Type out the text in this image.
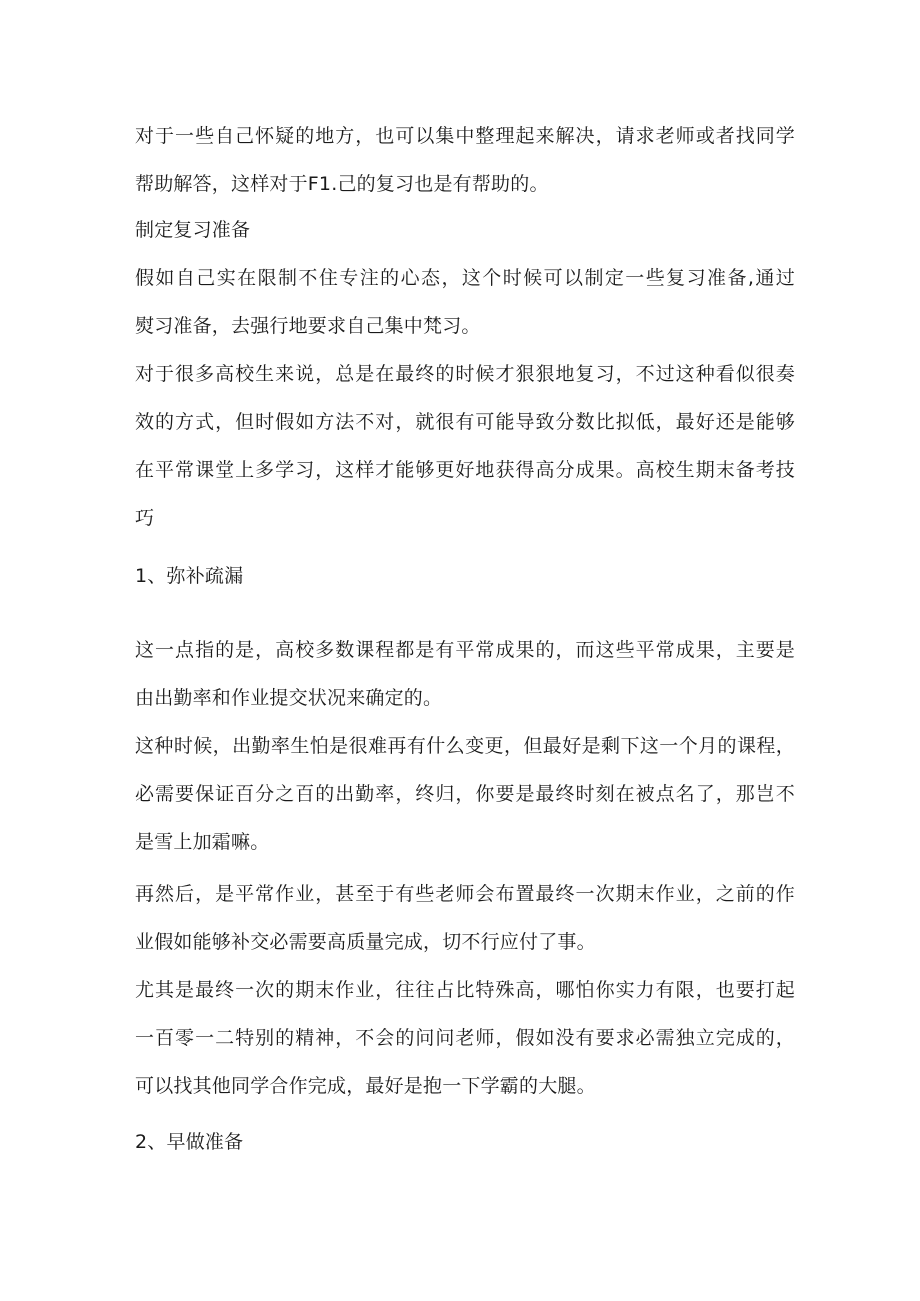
对于一些自己怀疑的地方，也可以集中整理起来解决，请求老师或者找同学
帮助解答，这样对于F1.己的复习也是有帮助的。
制定复习准备
假如自己实在限制不住专注的心态，这个时候可以制定一些复习准备,通过
熨习准备，去强行地要求自己集中梵习。
对于很多高校生来说，总是在最终的时候才狠狠地复习，不过这种看似很奏
效的方式，但时假如方法不对，就很有可能导致分数比拟低，最好还是能够
在平常课堂上多学习，这样才能够更好地获得高分成果。高校生期末备考技
巧
1、弥补疏漏
这一点指的是，高校多数课程都是有平常成果的，而这些平常成果，主要是
由出勤率和作业提交状况来确定的。
这种时候，出勤率生怕是很难再有什么变更，但最好是剩下这一个月的课程，
必需要保证百分之百的出勤率，终归，你要是最终时刻在被点名了，那岂不
是雪上加霜嘛。
再然后，是平常作业，甚至于有些老师会布置最终一次期末作业，之前的作
业假如能够补交必需要高质量完成，切不行应付了事。
尤其是最终一次的期末作业，往往占比特殊高，哪怕你实力有限，也要打起
一百零一二特别的精神，不会的问问老师，假如没有要求必需独立完成的，
可以找其他同学合作完成，最好是抱一下学霸的大腿。
2、早做准备
